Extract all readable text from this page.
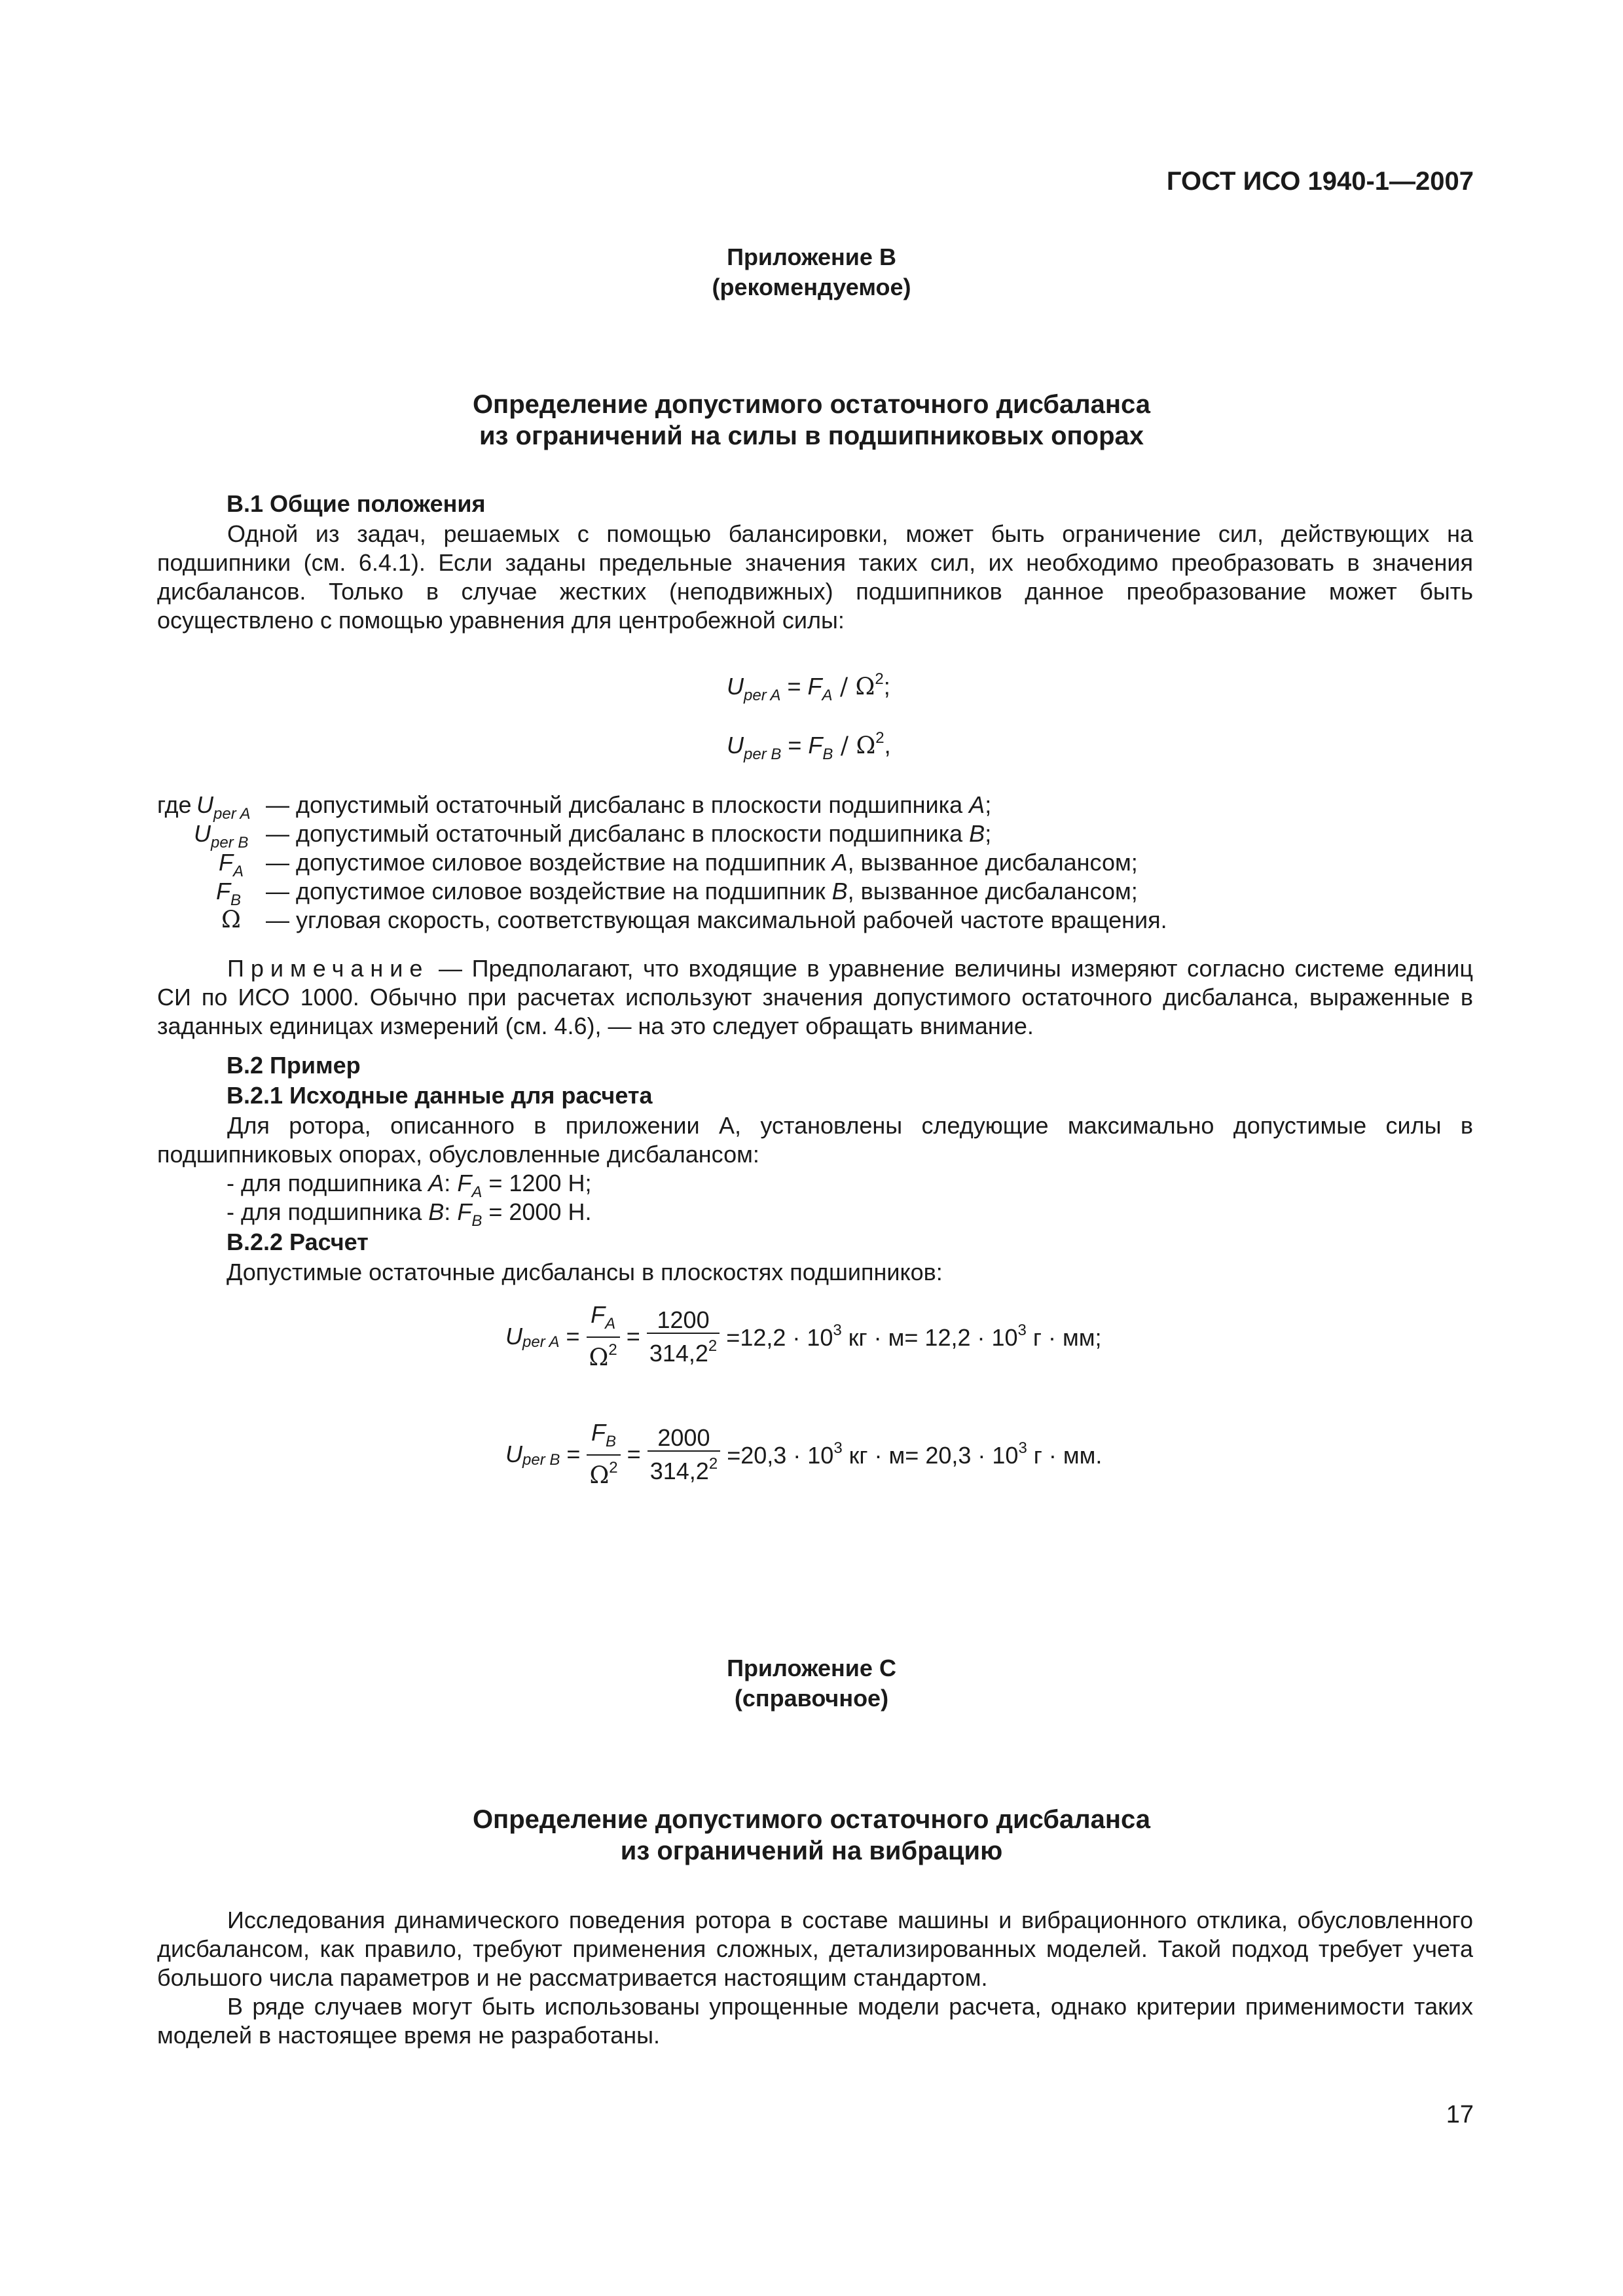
ГОСТ ИСО 1940-1—2007
Приложение В
(рекомендуемое)
Определение допустимого остаточного дисбаланса
из ограничений на силы в подшипниковых опорах
В.1 Общие положения
Одной из задач, решаемых с помощью балансировки, может быть ограничение сил, действующих на подшипники (см. 6.4.1). Если заданы предельные значения таких сил, их необходимо преобразовать в значения дисбалансов. Только в случае жестких (неподвижных) подшипников данное преобразование может быть осуществлено с помощью уравнения для центробежной силы:
$U_{per A} = F_A / \Omega^2$;
$U_{per B} = F_B / \Omega^2$,
где $U_{per A}$ — допустимый остаточный дисбаланс в плоскости подшипника A;
$U_{per B}$ — допустимый остаточный дисбаланс в плоскости подшипника B;
$F_A$ — допустимое силовое воздействие на подшипник A, вызванное дисбалансом;
$F_B$ — допустимое силовое воздействие на подшипник B, вызванное дисбалансом;
Ω — угловая скорость, соответствующая максимальной рабочей частоте вращения.
Примечание — Предполагают, что входящие в уравнение величины измеряют согласно системе единиц СИ по ИСО 1000. Обычно при расчетах используют значения допустимого остаточного дисбаланса, выраженные в заданных единицах измерений (см. 4.6), — на это следует обращать внимание.
В.2 Пример
В.2.1 Исходные данные для расчета
Для ротора, описанного в приложении А, установлены следующие максимально допустимые силы в подшипниковых опорах, обусловленные дисбалансом:
- для подшипника A: $F_A = 1200$ Н;
- для подшипника B: $F_B = 2000$ Н.
В.2.2 Расчет
Допустимые остаточные дисбалансы в плоскостях подшипников:
$U_{per A} = \frac{F_A}{\Omega^2} = \frac{1200}{314,2^2} =12,2 \cdot 10^3$ кг · $м= 12,2 \cdot 10^3$ г · мм;
$U_{per B} = \frac{F_B}{\Omega^2} = \frac{2000}{314,2^2} =20,3 \cdot 10^3$ кг · $м= 20,3 \cdot 10^3$ г · мм.
Приложение С
(справочное)
Определение допустимого остаточного дисбаланса
из ограничений на вибрацию
Исследования динамического поведения ротора в составе машины и вибрационного отклика, обусловленного дисбалансом, как правило, требуют применения сложных, детализированных моделей. Такой подход требует учета большого числа параметров и не рассматривается настоящим стандартом.
В ряде случаев могут быть использованы упрощенные модели расчета, однако критерии применимости таких моделей в настоящее время не разработаны.
17
